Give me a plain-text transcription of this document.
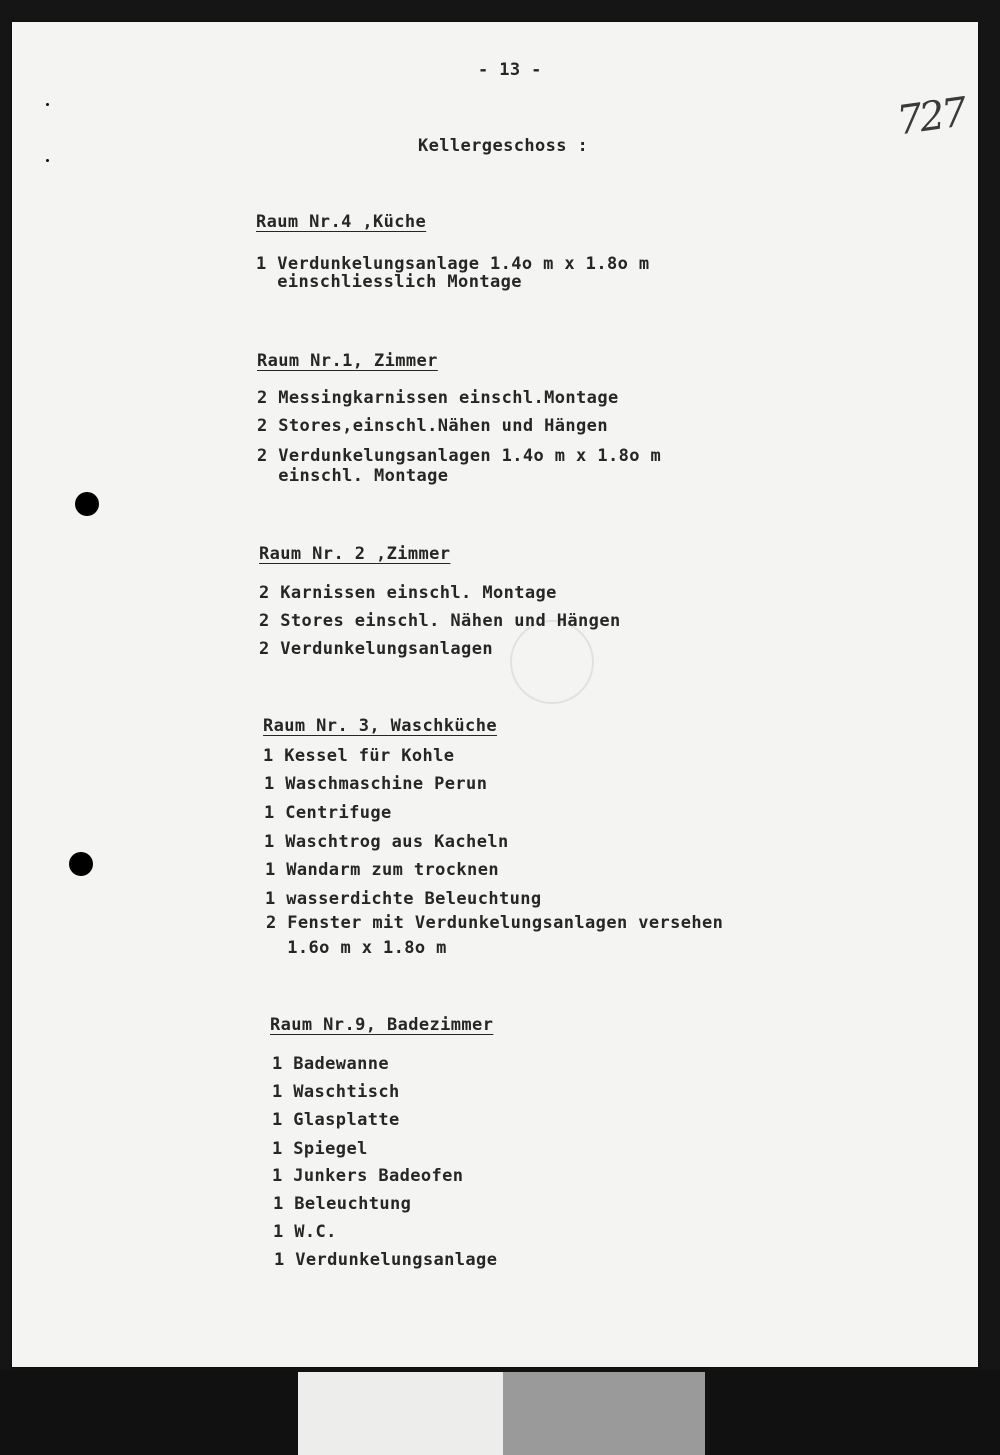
- 13 -
727
Kellergeschoss :
Raum Nr.4 ,Küche
1 Verdunkelungsanlage 1.4o m x 1.8o m
einschliesslich Montage
Raum Nr.1, Zimmer
2 Messingkarnissen einschl.Montage
2 Stores,einschl.Nähen und Hängen
2 Verdunkelungsanlagen 1.4o m x 1.8o m
einschl. Montage
Raum Nr. 2 ,Zimmer
2 Karnissen einschl. Montage
2 Stores einschl. Nähen und Hängen
2 Verdunkelungsanlagen
Raum Nr. 3, Waschküche
1 Kessel für Kohle
1 Waschmaschine Perun
1 Centrifuge
1 Waschtrog aus Kacheln
1 Wandarm zum trocknen
1 wasserdichte Beleuchtung
2 Fenster mit Verdunkelungsanlagen versehen
1.6o m x 1.8o m
Raum Nr.9, Badezimmer
1 Badewanne
1 Waschtisch
1 Glasplatte
1 Spiegel
1 Junkers Badeofen
1 Beleuchtung
1 W.C.
1 Verdunkelungsanlage
